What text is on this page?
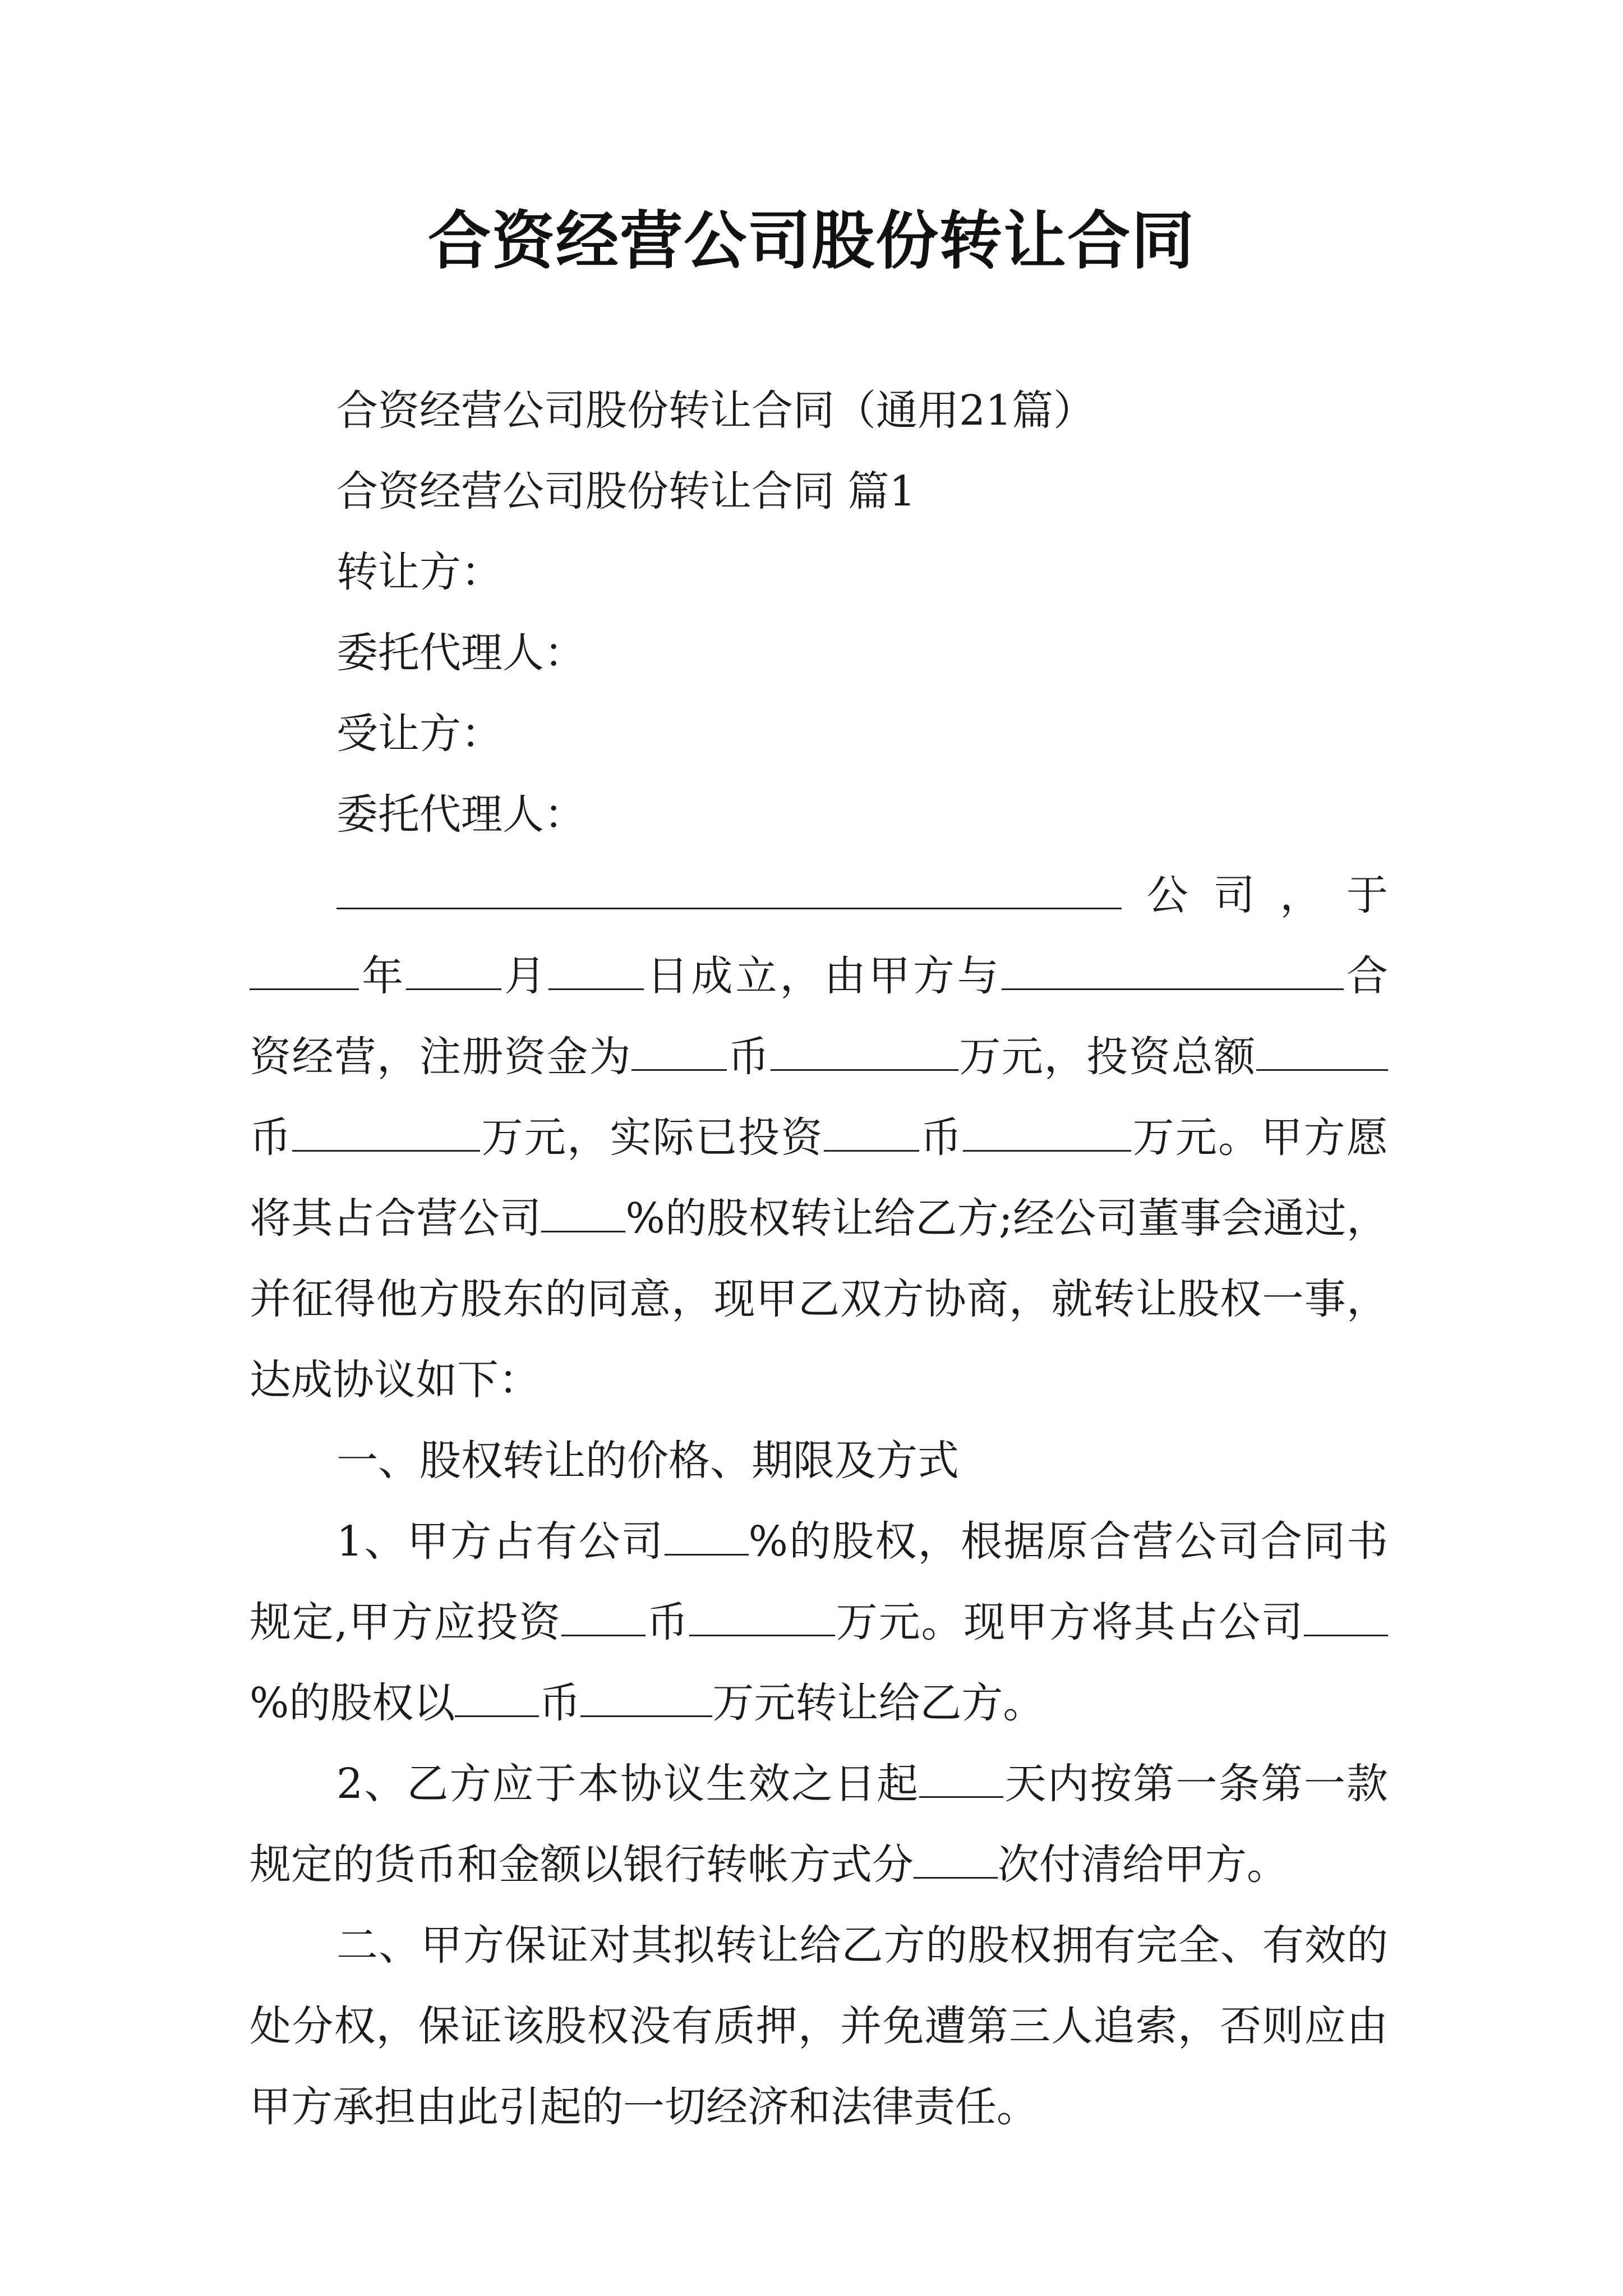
合资经营公司股份转让合同

合资经营公司股份转让合同（通用21篇）

合资经营公司股份转让合同 篇1

转让方：

委托代理人：

受让方：

委托代理人：

公司，于年 月 日成立，由甲方与	合资经营，注册资金为 币	万元，投资总额币	万元，实际已投资 币	万元。甲方愿将其占合营公司 %的股权转让给乙方;经公司董事会通过，并征得他方股东的同意，现甲乙双方协商，就转让股权一事，达成协议如下：

一、股权转让的价格、期限及方式

1、甲方占有公司 %的股权，根据原合营公司合同书规定,甲方应投资 币	万元。现甲方将其占公司%的股权以 币	万元转让给乙方。

2、乙方应于本协议生效之日起 天内按第一条第一款规定的货币和金额以银行转帐方式分 次付清给甲方。

二、甲方保证对其拟转让给乙方的股权拥有完全、有效的处分权，保证该股权没有质押，并免遭第三人追索，否则应由甲方承担由此引起的一切经济和法律责任。
